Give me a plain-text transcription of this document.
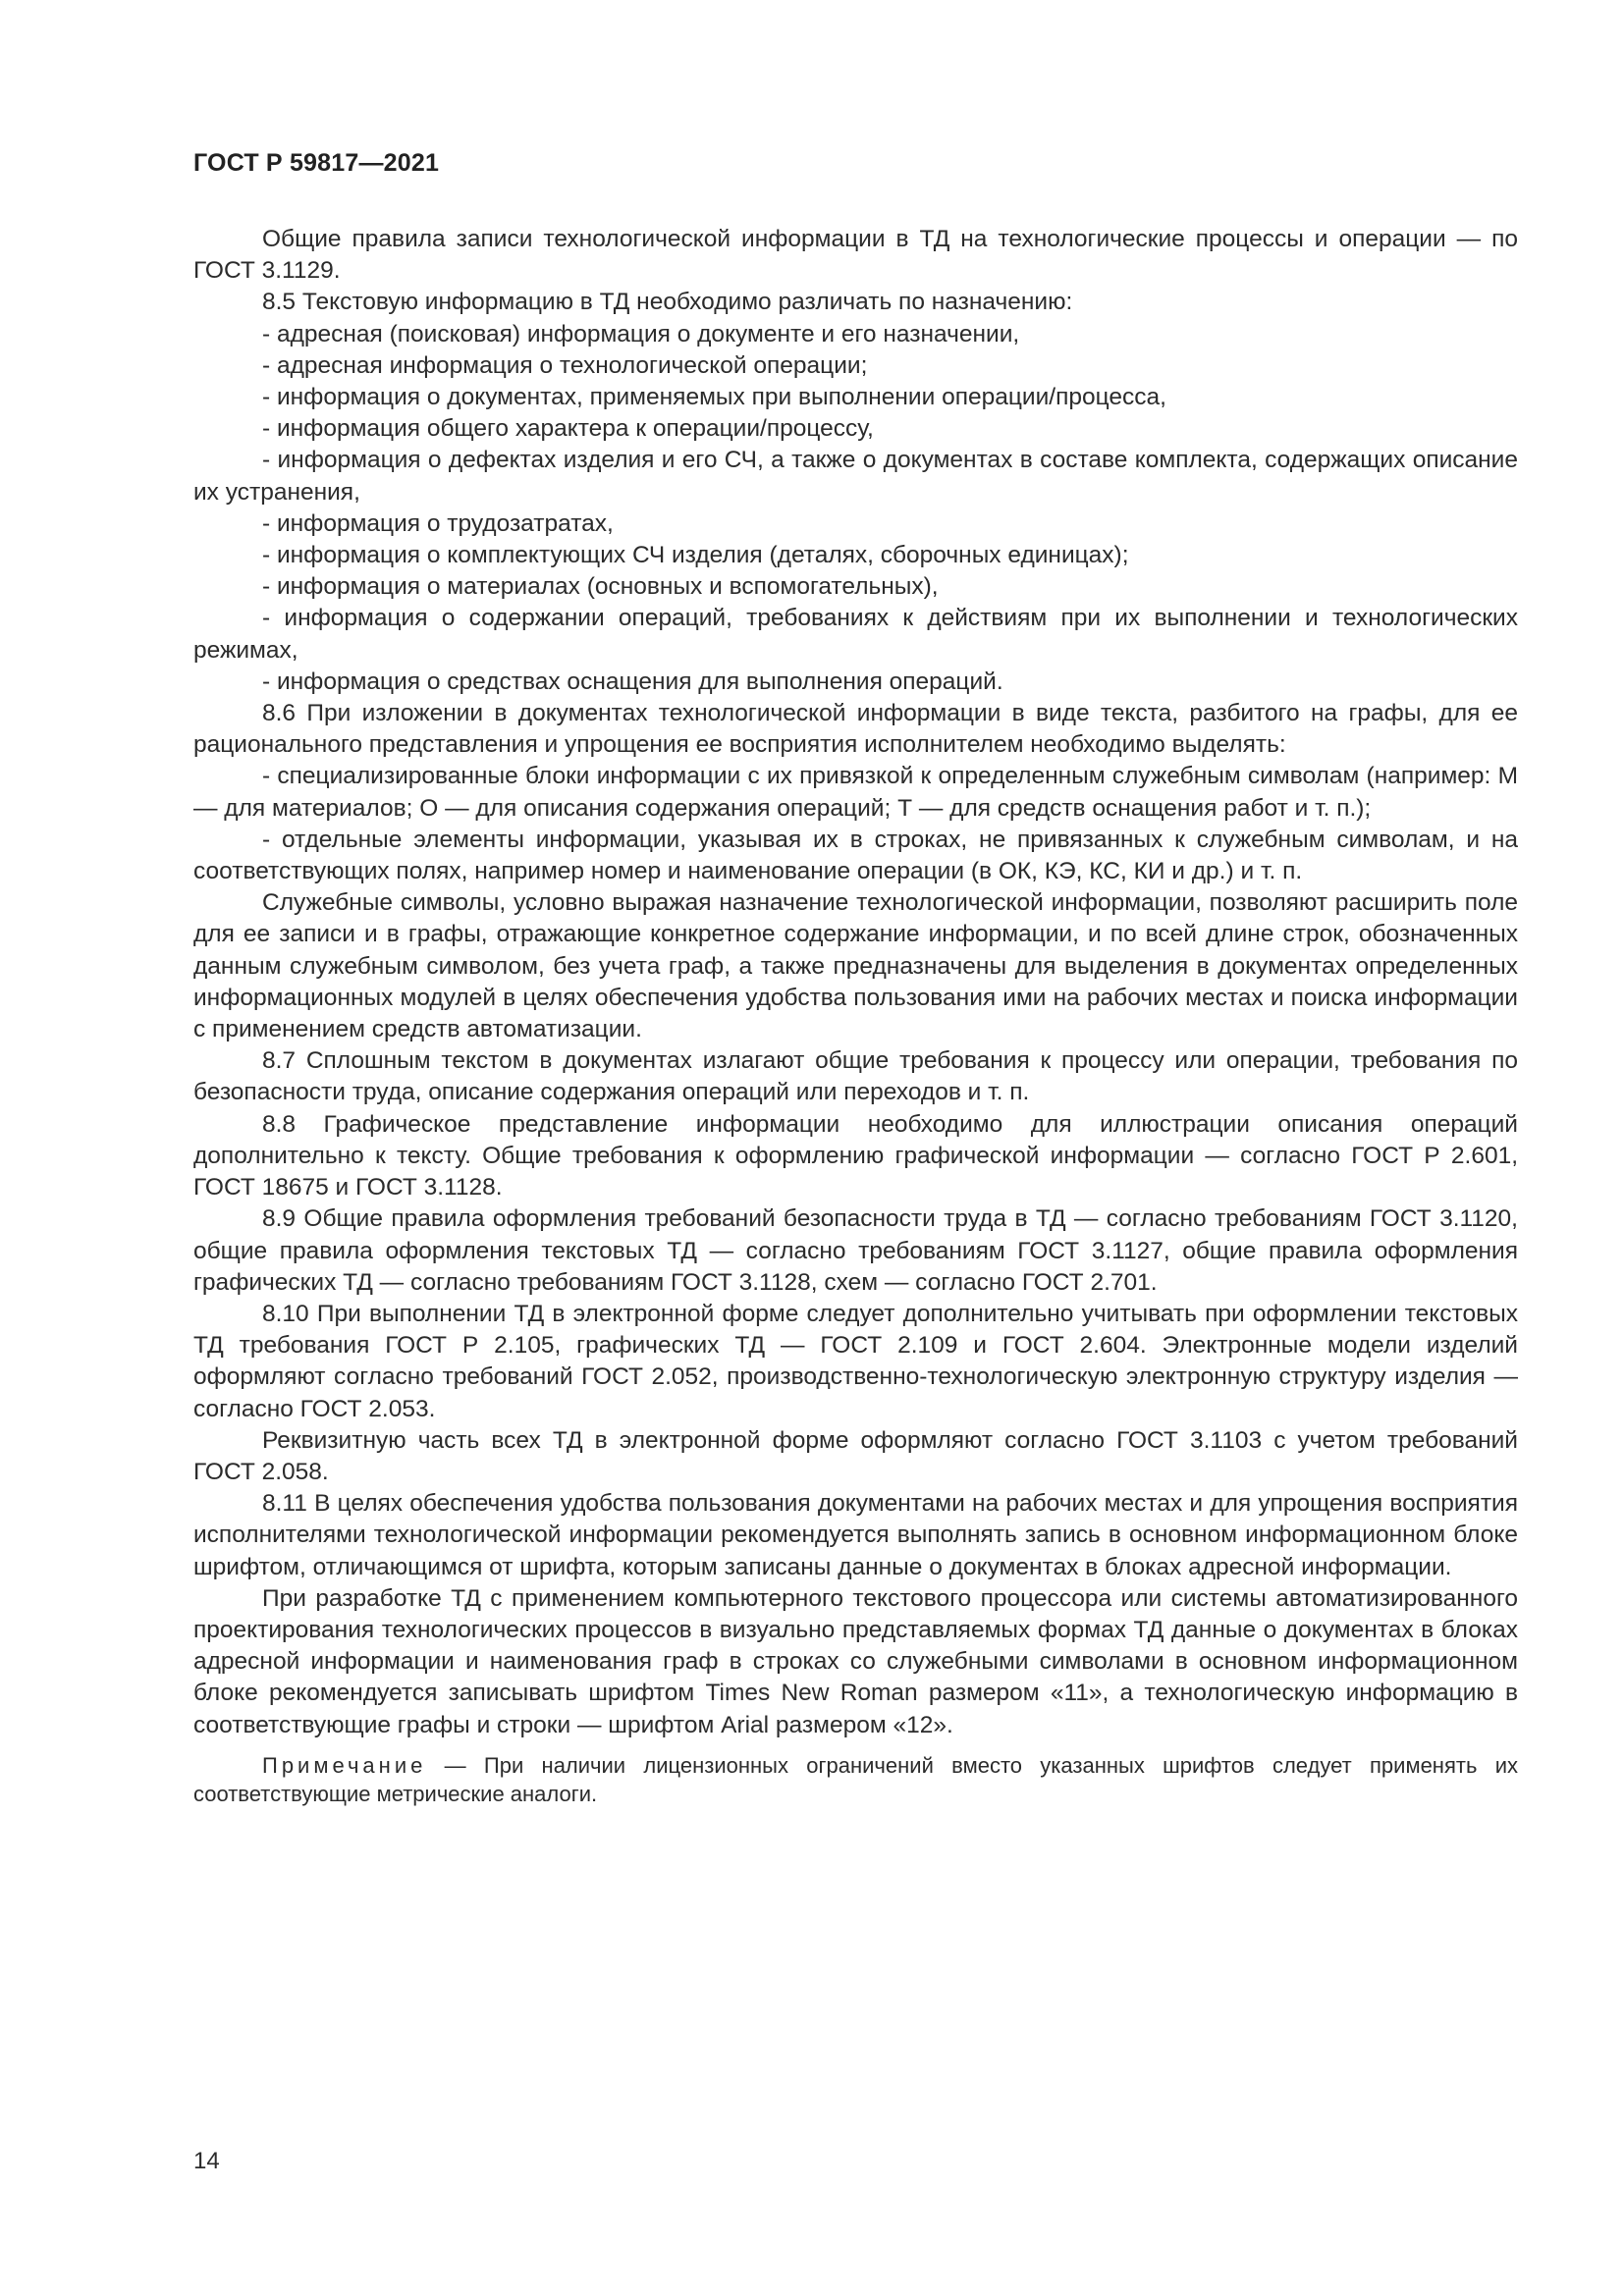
ГОСТ Р 59817—2021

Общие правила записи технологической информации в ТД на технологические процессы и операции — по ГОСТ 3.1129.

8.5 Текстовую информацию в ТД необходимо различать по назначению:

- адресная (поисковая) информация о документе и его назначении,

- адресная информация о технологической операции;

- информация о документах, применяемых при выполнении операции/процесса,

- информация общего характера к операции/процессу,

- информация о дефектах изделия и его СЧ, а также о документах в составе комплекта, содержащих описание их устранения,

- информация о трудозатратах,

- информация о комплектующих СЧ изделия (деталях, сборочных единицах);

- информация о материалах (основных и вспомогательных),

- информация о содержании операций, требованиях к действиям при их выполнении и технологических режимах,

- информация о средствах оснащения для выполнения операций.

8.6 При изложении в документах технологической информации в виде текста, разбитого на графы, для ее рационального представления и упрощения ее восприятия исполнителем необходимо выделять:

- специализированные блоки информации с их привязкой к определенным служебным символам (например: М — для материалов; О — для описания содержания операций; Т — для средств оснащения работ и т. п.);

- отдельные элементы информации, указывая их в строках, не привязанных к служебным символам, и на соответствующих полях, например номер и наименование операции (в ОК, КЭ, КС, КИ и др.) и т. п.

Служебные символы, условно выражая назначение технологической информации, позволяют расширить поле для ее записи и в графы, отражающие конкретное содержание информации, и по всей длине строк, обозначенных данным служебным символом, без учета граф, а также предназначены для выделения в документах определенных информационных модулей в целях обеспечения удобства пользования ими на рабочих местах и поиска информации с применением средств автоматизации.

8.7 Сплошным текстом в документах излагают общие требования к процессу или операции, требования по безопасности труда, описание содержания операций или переходов и т. п.

8.8 Графическое представление информации необходимо для иллюстрации описания операций дополнительно к тексту. Общие требования к оформлению графической информации — согласно ГОСТ Р 2.601, ГОСТ 18675 и ГОСТ 3.1128.

8.9 Общие правила оформления требований безопасности труда в ТД — согласно требованиям ГОСТ 3.1120, общие правила оформления текстовых ТД — согласно требованиям ГОСТ 3.1127, общие правила оформления графических ТД — согласно требованиям ГОСТ 3.1128, схем — согласно ГОСТ 2.701.

8.10 При выполнении ТД в электронной форме следует дополнительно учитывать при оформлении текстовых ТД требования ГОСТ Р 2.105, графических ТД — ГОСТ 2.109 и ГОСТ 2.604. Электронные модели изделий оформляют согласно требований ГОСТ 2.052, производственно-технологическую электронную структуру изделия — согласно ГОСТ 2.053.

Реквизитную часть всех ТД в электронной форме оформляют согласно ГОСТ 3.1103 с учетом требований ГОСТ 2.058.

8.11 В целях обеспечения удобства пользования документами на рабочих местах и для упрощения восприятия исполнителями технологической информации рекомендуется выполнять запись в основном информационном блоке шрифтом, отличающимся от шрифта, которым записаны данные о документах в блоках адресной информации.

При разработке ТД с применением компьютерного текстового процессора или системы автоматизированного проектирования технологических процессов в визуально представляемых формах ТД данные о документах в блоках адресной информации и наименования граф в строках со служебными символами в основном информационном блоке рекомендуется записывать шрифтом Times New Roman размером «11», а технологическую информацию в соответствующие графы и строки — шрифтом Arial размером «12».

Примечание — При наличии лицензионных ограничений вместо указанных шрифтов следует применять их соответствующие метрические аналоги.

14
